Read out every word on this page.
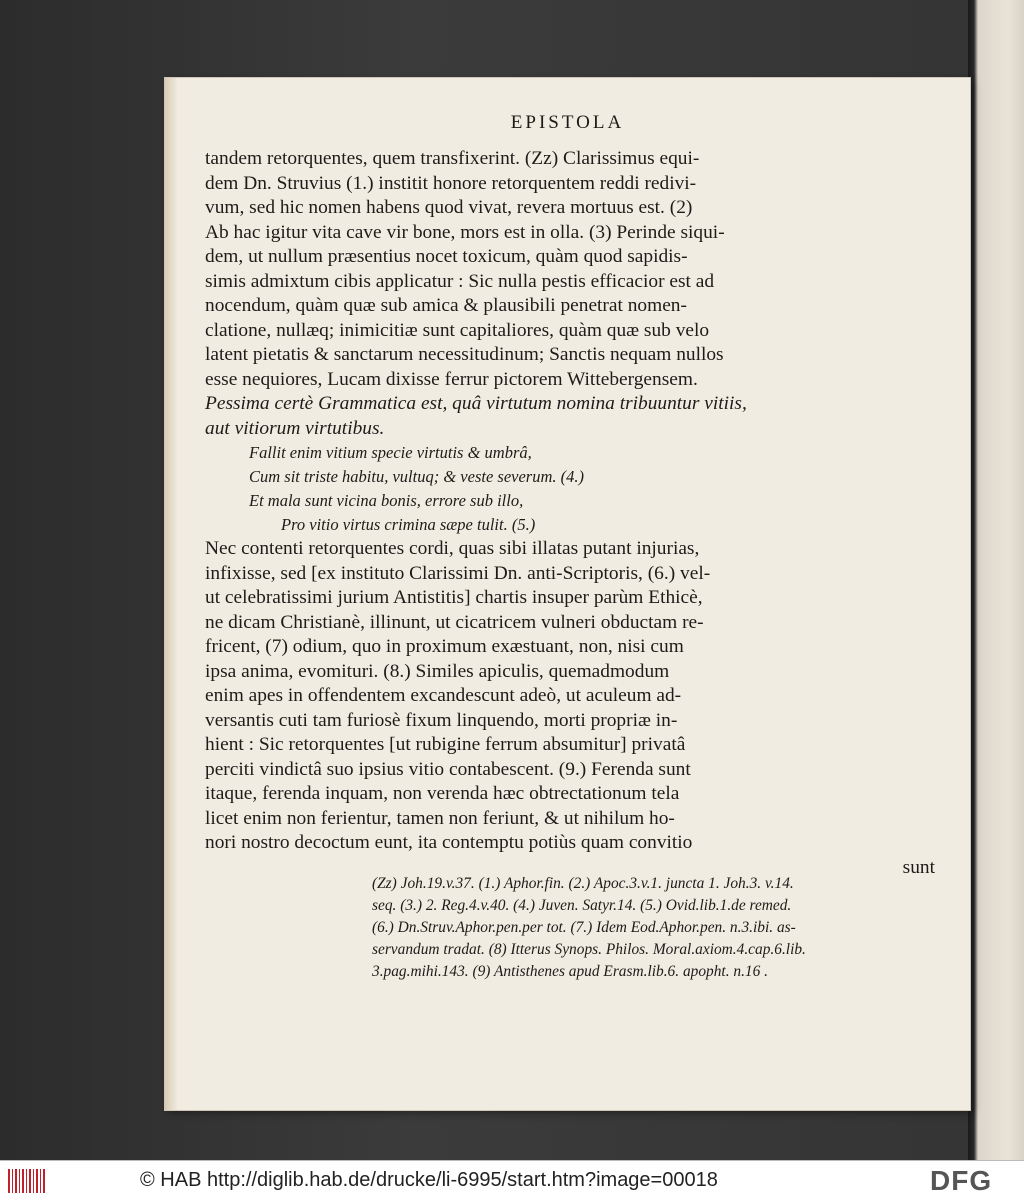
EPISTOLA

tandem retorquentes, quem transfixerint. (Zz) Clarissimus equi-

dem Dn. Struvius (1.) institit honore retorquentem reddi redivi-

vum, sed hic nomen habens quod vivat, revera mortuus est. (2)

Ab hac igitur vita cave vir bone, mors est in olla. (3) Perinde siqui-

dem, ut nullum præsentius nocet toxicum, quàm quod sapidis-

simis admixtum cibis applicatur : Sic nulla pestis efficacior est ad

nocendum, quàm quæ sub amica & plausibili penetrat nomen-

clatione, nullæq; inimicitiæ sunt capitaliores, quàm quæ sub velo

latent pietatis & sanctarum necessitudinum; Sanctis nequam nullos

esse nequiores, Lucam dixisse ferrur pictorem Wittebergensem.

Pessima certè Grammatica est, quâ virtutum nomina tribuuntur vitiis,

aut vitiorum virtutibus.

Fallit enim vitium specie virtutis & umbrâ,

Cum sit triste habitu, vultuq; & veste severum. (4.)

Et mala sunt vicina bonis, errore sub illo,

Pro vitio virtus crimina sæpe tulit. (5.)

Nec contenti retorquentes cordi, quas sibi illatas putant injurias,

infixisse, sed [ex instituto Clarissimi Dn. anti-Scriptoris, (6.) vel-

ut celebratissimi jurium Antistitis] chartis insuper parùm Ethicè,

ne dicam Christianè, illinunt, ut cicatricem vulneri obductam re-

fricent, (7) odium, quo in proximum exæstuant, non, nisi cum

ipsa anima, evomituri. (8.) Similes apiculis, quemadmodum

enim apes in offendentem excandescunt adeò, ut aculeum ad-

versantis cuti tam furiosè fixum linquendo, morti propriæ in-

hient : Sic retorquentes [ut rubigine ferrum absumitur] privatâ

perciti vindictâ suo ipsius vitio contabescent. (9.) Ferenda sunt

itaque, ferenda inquam, non verenda hæc obtrectationum tela

licet enim non ferientur, tamen non feriunt, & ut nihilum ho-

nori nostro decoctum eunt, ita contemptu potiùs quam convitio

sunt

(Zz) Joh.19.v.37. (1.) Aphor.fin. (2.) Apoc.3.v.1. juncta 1. Joh.3. v.14.
seq. (3.) 2. Reg.4.v.40. (4.) Juven. Satyr.14. (5.) Ovid.lib.1.de remed.
(6.) Dn.Struv.Aphor.pen.per tot. (7.) Idem Eod.Aphor.pen. n.3.ibi. as-
servandum tradat. (8) Itterus Synops. Philos. Moral.axiom.4.cap.6.lib.
3.pag.mihi.143. (9) Antisthenes apud Erasm.lib.6. apopht. n.16 .
© HAB http://diglib.hab.de/drucke/li-6995/start.htm?image=00018	DFG
